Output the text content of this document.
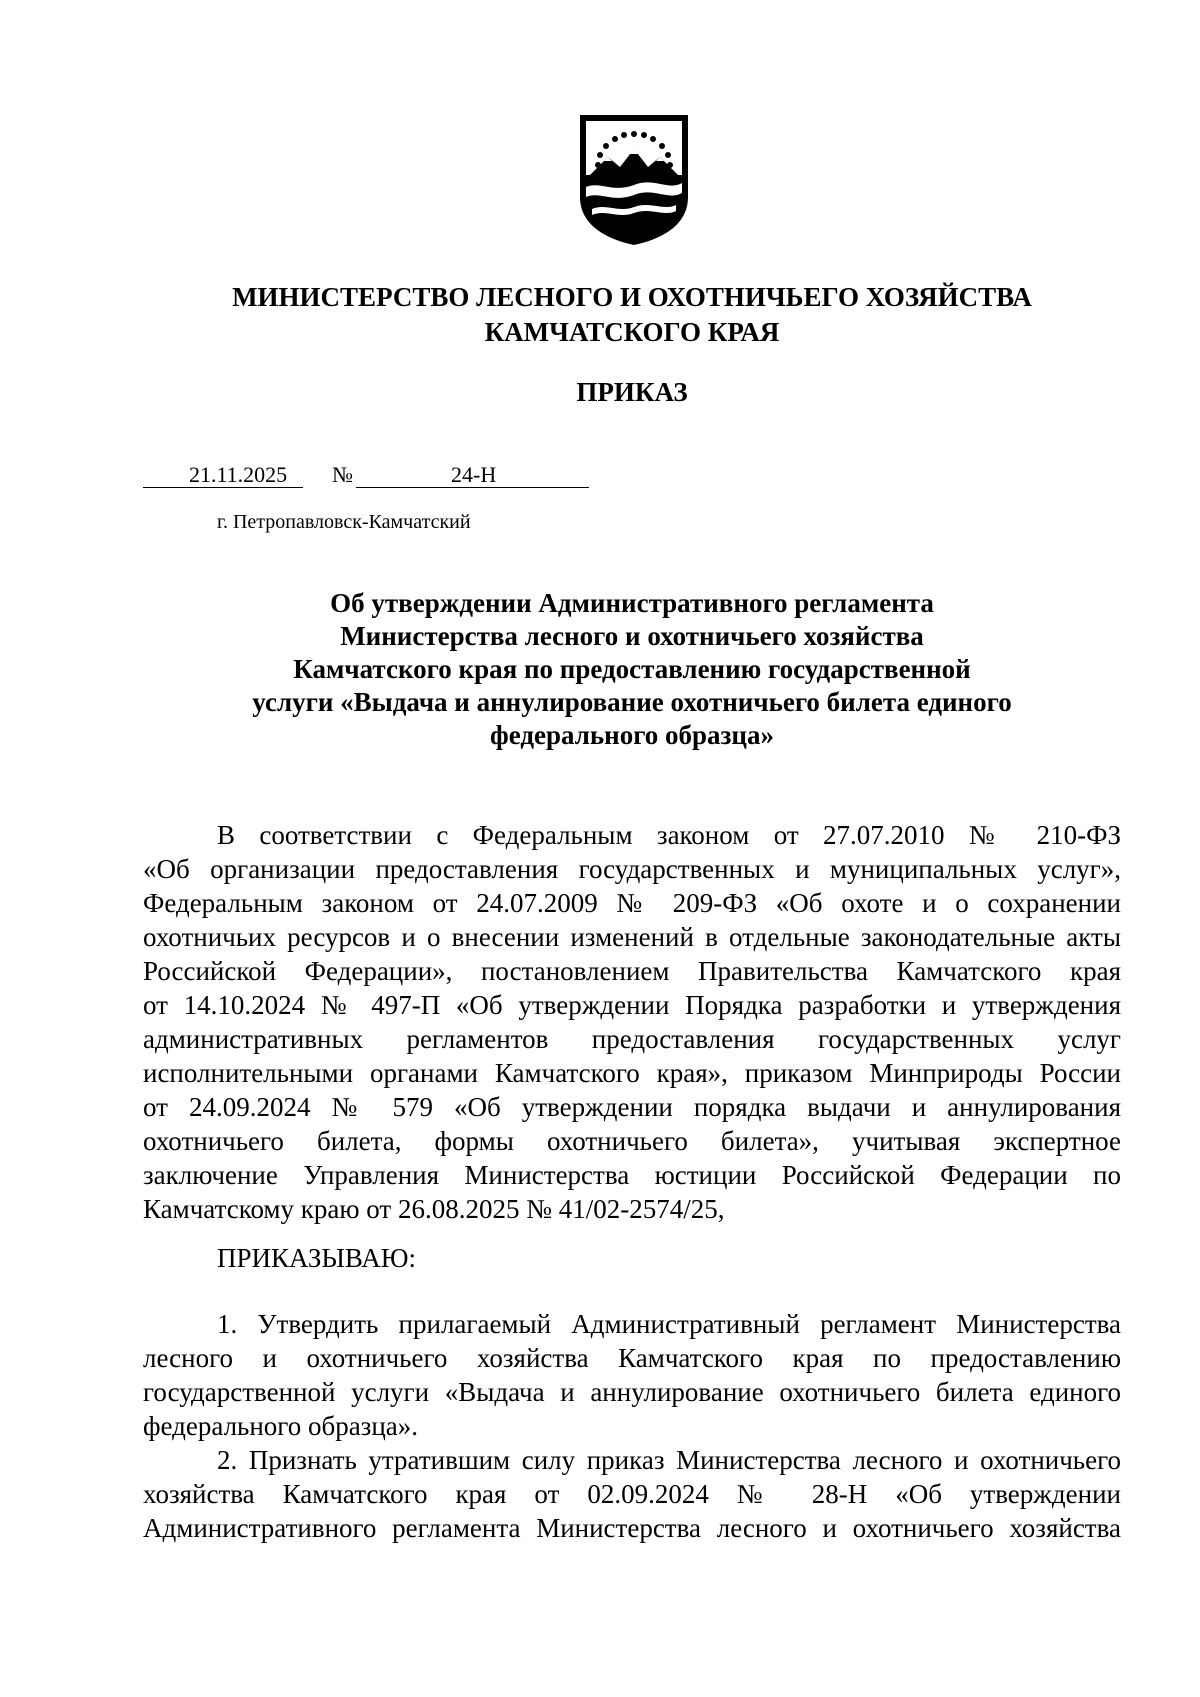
МИНИСТЕРСТВО ЛЕСНОГО И ОХОТНИЧЬЕГО ХОЗЯЙСТВА
КАМЧАТСКОГО КРАЯ
ПРИКАЗ
21.11.2025 №	24-Н
г. Петропавловск-Камчатский
Об утверждении Административного регламента
Министерства лесного и охотничьего хозяйства
Камчатского края по предоставлению государственной
услуги «Выдача и аннулирование охотничьего билета единого
федерального образца»
В соответствии с Федеральным законом от 27.07.2010 № 210-ФЗ
«Об организации предоставления государственных и муниципальных услуг»,
Федеральным законом от 24.07.2009 № 209-ФЗ «Об охоте и о сохранении
охотничьих ресурсов и о внесении изменений в отдельные законодательные акты
Российской Федерации», постановлением Правительства Камчатского края
от 14.10.2024 № 497-П «Об утверждении Порядка разработки и утверждения
административных регламентов предоставления государственных услуг
исполнительными органами Камчатского края», приказом Минприроды России
от 24.09.2024 № 579 «Об утверждении порядка выдачи и аннулирования
охотничьего билета, формы охотничьего билета», учитывая экспертное
заключение Управления Министерства юстиции Российской Федерации по
Камчатскому краю от 26.08.2025 № 41/02-2574/25,
ПРИКАЗЫВАЮ:
1. Утвердить прилагаемый Административный регламент Министерства
лесного и охотничьего хозяйства Камчатского края по предоставлению
государственной услуги «Выдача и аннулирование охотничьего билета единого
федерального образца».
2. Признать утратившим силу приказ Министерства лесного и охотничьего
хозяйства Камчатского края от 02.09.2024 № 28-Н «Об утверждении
Административного регламента Министерства лесного и охотничьего хозяйства
